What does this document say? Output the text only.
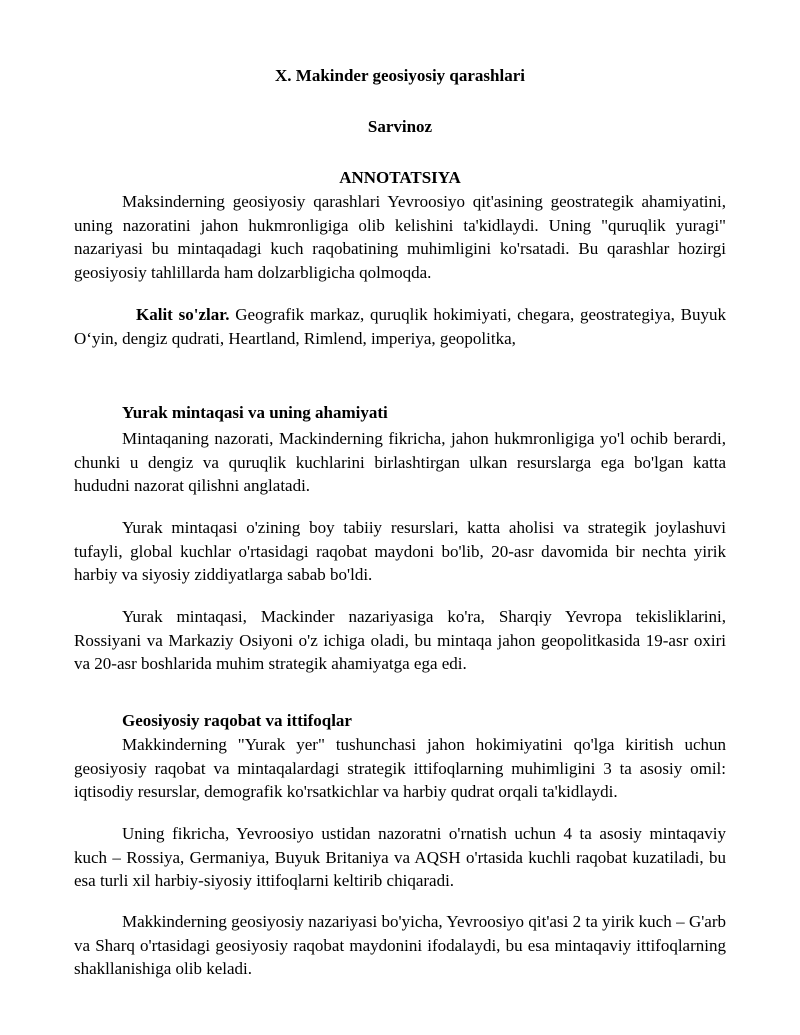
X. Makinder geosiyosiy qarashlari
Sarvinoz
ANNOTATSIYA

Maksinderning geosiyosiy qarashlari Yevroosiyo qit'asining geostrategik ahamiyatini, uning nazoratini jahon hukmronligiga olib kelishini ta'kidlaydi. Uning "quruqlik yuragi" nazariyasi bu mintaqadagi kuch raqobatining muhimligini ko'rsatadi. Bu qarashlar hozirgi geosiyosiy tahlillarda ham dolzarbligicha qolmoqda.

Kalit so'zlar. Geografik markaz, quruqlik hokimiyati, chegara, geostrategiya, Buyuk O‘yin, dengiz qudrati, Heartland, Rimlend, imperiya, geopolitka,

Yurak mintaqasi va uning ahamiyati

Mintaqaning nazorati, Mackinderning fikricha, jahon hukmronligiga yo'l ochib berardi, chunki u dengiz va quruqlik kuchlarini birlashtirgan ulkan resurslarga ega bo'lgan katta hududni nazorat qilishni anglatadi.

Yurak mintaqasi o'zining boy tabiiy resurslari, katta aholisi va strategik joylashuvi tufayli, global kuchlar o'rtasidagi raqobat maydoni bo'lib, 20-asr davomida bir nechta yirik harbiy va siyosiy ziddiyatlarga sabab bo'ldi.

Yurak mintaqasi, Mackinder nazariyasiga ko'ra, Sharqiy Yevropa tekisliklarini, Rossiyani va Markaziy Osiyoni o'z ichiga oladi, bu mintaqa jahon geopolitkasida 19-asr oxiri va 20-asr boshlarida muhim strategik ahamiyatga ega edi.

Geosiyosiy raqobat va ittifoqlar

Makkinderning "Yurak yer" tushunchasi jahon hokimiyatini qo'lga kiritish uchun geosiyosiy raqobat va mintaqalardagi strategik ittifoqlarning muhimligini 3 ta asosiy omil: iqtisodiy resurslar, demografik ko'rsatkichlar va harbiy qudrat orqali ta'kidlaydi.

Uning fikricha, Yevroosiyo ustidan nazoratni o'rnatish uchun 4 ta asosiy mintaqaviy kuch – Rossiya, Germaniya, Buyuk Britaniya va AQSH o'rtasida kuchli raqobat kuzatiladi, bu esa turli xil harbiy-siyosiy ittifoqlarni keltirib chiqaradi.

Makkinderning geosiyosiy nazariyasi bo'yicha, Yevroosiyo qit'asi 2 ta yirik kuch – G'arb va Sharq o'rtasidagi geosiyosiy raqobat maydonini ifodalaydi, bu esa mintaqaviy ittifoqlarning shakllanishiga olib keladi.
